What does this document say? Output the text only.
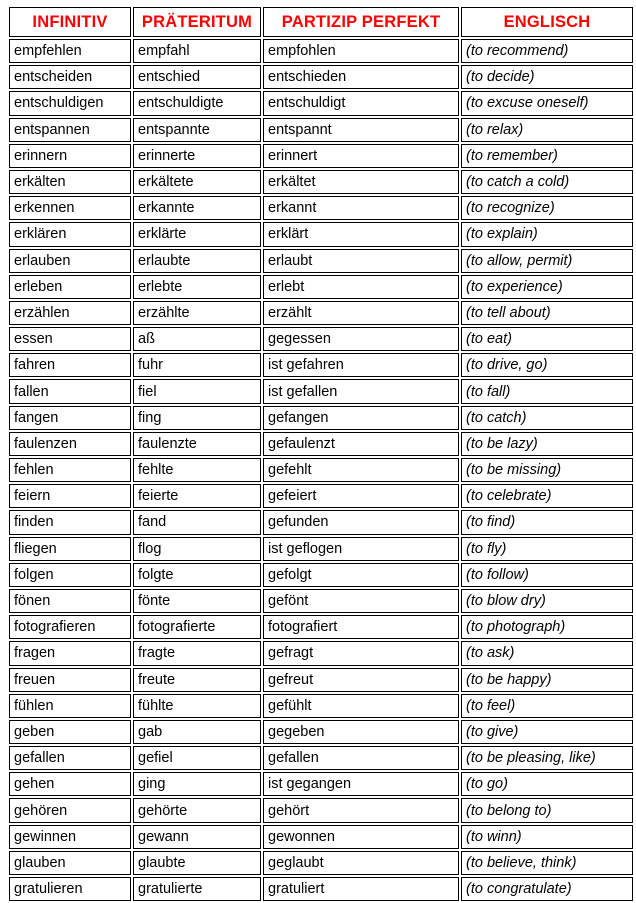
INFINITIV	PRÄTERITUM	PARTIZIP PERFEKT	ENGLISCH
empfehlen	empfahl	empfohlen	(to recommend)
entscheiden	entschied	entschieden	(to decide)
entschuldigen	entschuldigte	entschuldigt	(to excuse oneself)
entspannen	entspannte	entspannt	(to relax)
erinnern	erinnerte	erinnert	(to remember)
erkälten	erkältete	erkältet	(to catch a cold)
erkennen	erkannte	erkannt	(to recognize)
erklären	erklärte	erklärt	(to explain)
erlauben	erlaubte	erlaubt	(to allow, permit)
erleben	erlebte	erlebt	(to experience)
erzählen	erzählte	erzählt	(to tell about)
essen	aß	gegessen	(to eat)
fahren	fuhr	ist gefahren	(to drive, go)
fallen	fiel	ist gefallen	(to fall)
fangen	fing	gefangen	(to catch)
faulenzen	faulenzte	gefaulenzt	(to be lazy)
fehlen	fehlte	gefehlt	(to be missing)
feiern	feierte	gefeiert	(to celebrate)
finden	fand	gefunden	(to find)
fliegen	flog	ist geflogen	(to fly)
folgen	folgte	gefolgt	(to follow)
fönen	fönte	gefönt	(to blow dry)
fotografieren	fotografierte	fotografiert	(to photograph)
fragen	fragte	gefragt	(to ask)
freuen	freute	gefreut	(to be happy)
fühlen	fühlte	gefühlt	(to feel)
geben	gab	gegeben	(to give)
gefallen	gefiel	gefallen	(to be pleasing, like)
gehen	ging	ist gegangen	(to go)
gehören	gehörte	gehört	(to belong to)
gewinnen	gewann	gewonnen	(to winn)
glauben	glaubte	geglaubt	(to believe, think)
gratulieren	gratulierte	gratuliert	(to congratulate)
